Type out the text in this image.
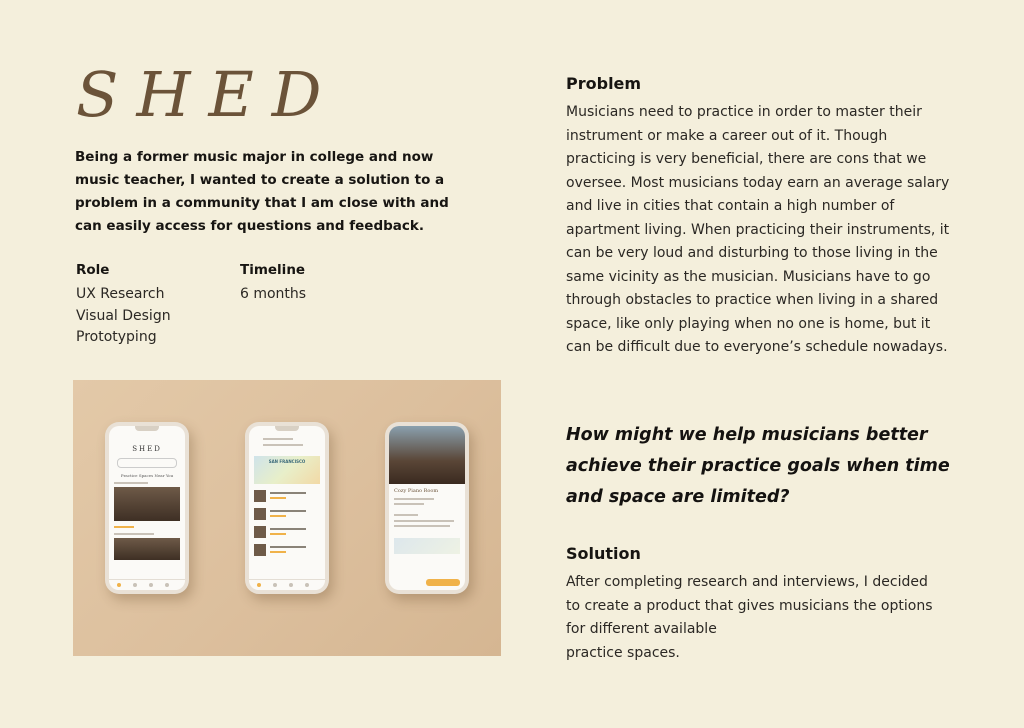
SHED
Being a former music major in college and now music teacher, I wanted to create a solution to a problem in a community that I am close with and can easily access for questions and feedback.
Role
UX Research
Visual Design
Prototyping
Timeline
6 months
SHED
Practice Spaces Near You
SAN FRANCISCO
Cozy Piano Room
Problem
Musicians need to practice in order to master their instrument or make a career out of it. Though practicing is very beneficial, there are cons that we oversee. Most musicians today earn an average salary and live in cities that contain a high number of apartment living. When practicing their instruments, it can be very loud and disturbing to those living in the same vicinity as the musician. Musicians have to go through obstacles to practice when living in a shared space, like only playing when no one is home, but it can be difficult due to everyone’s schedule nowadays.
How might we help musicians better achieve their practice goals when time and space are limited?
Solution
After completing research and interviews, I decided to create a product that gives musicians the options for different available
practice spaces.
